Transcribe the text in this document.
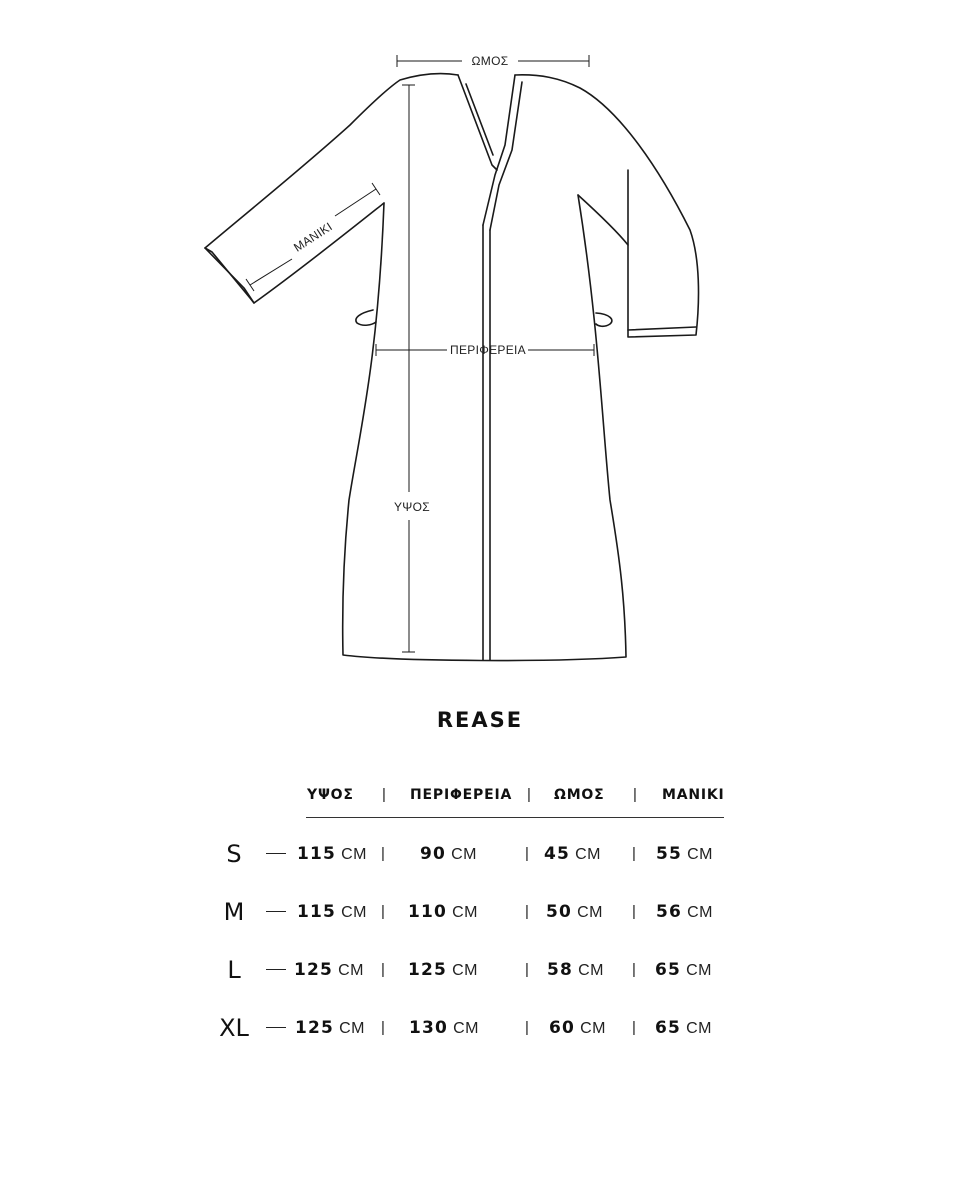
ΩΜΟΣ
ΜΑΝΙΚΙ
ΠΕΡΙΦΕΡΕΙΑ
ΥΨΟΣ
REASE
ΥΨΟΣ | ΠΕΡΙΦΕΡΕΙΑ | ΩΜΟΣ | ΜΑΝΙΚΙ
S	115 CM | 90 CM	| 45 CM | 55 CM
M	115 CM | 110 CM	| 50 CM | 56 CM
L	125 CM | 125 CM	| 58 CM | 65 CM
XL	125 CM | 130 CM	| 60 CM | 65 CM
